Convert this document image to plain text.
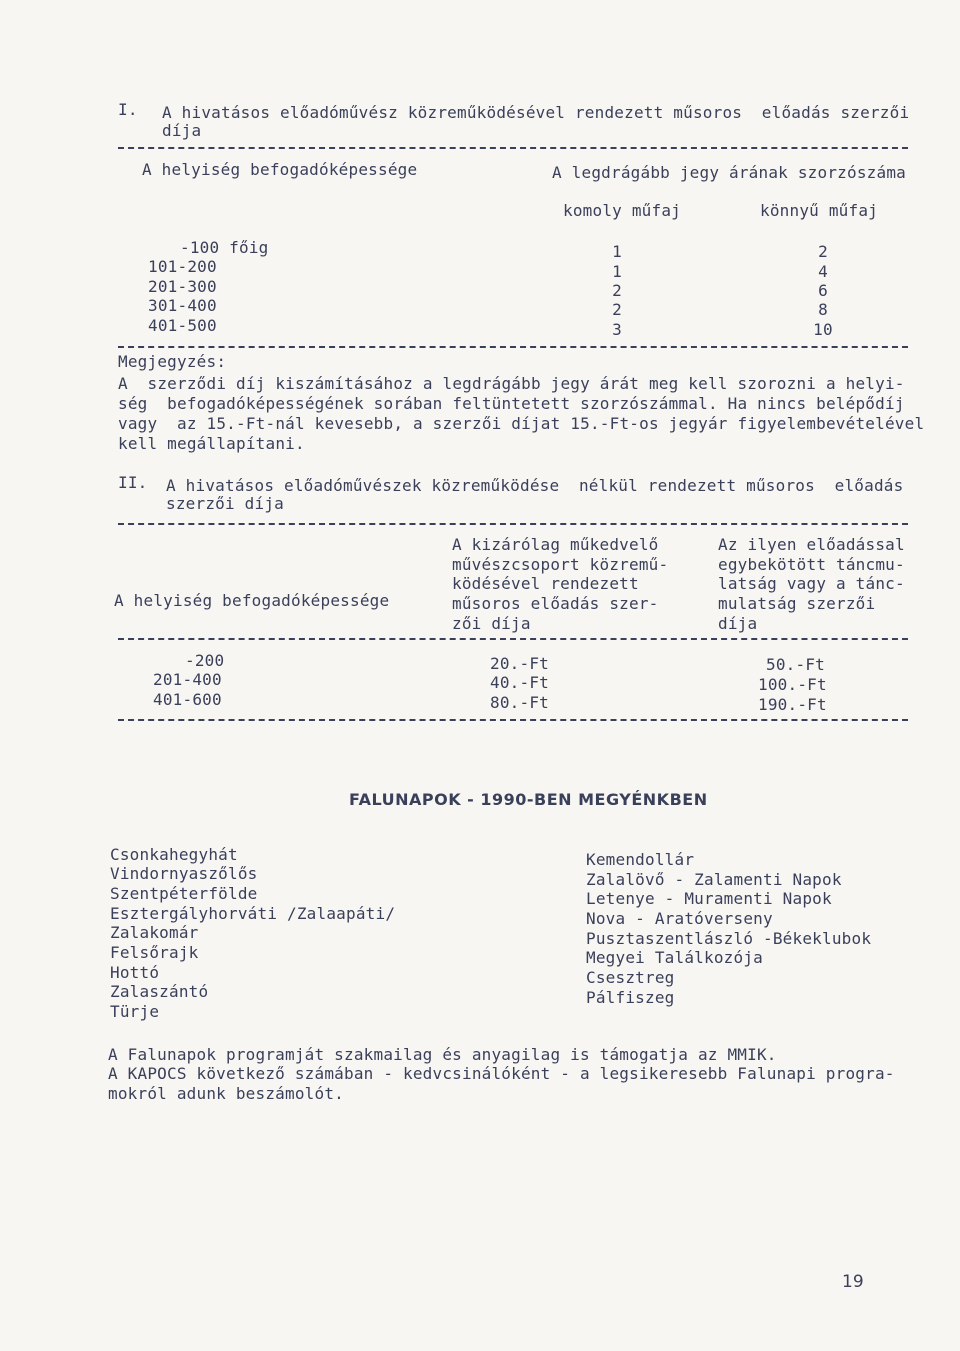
I. A hivatásos előadóművész közreműködésével rendezett műsoros  előadás szerzői
díja
A helyiség befogadóképessége	A legdrágább jegy árának szorzószáma
komoly műfaj	könnyű műfaj
-100 főig
101-200
201-300
301-400
401-500
1
1
2
2
3
2
4
6
8
10
Megjegyzés:
A  szerződi díj kiszámításához a legdrágább jegy árát meg kell szorozni a helyi-
ség  befogadóképességének sorában feltüntetett szorzószámmal. Ha nincs belépődíj
vagy  az 15.-Ft-nál kevesebb, a szerzői díjat 15.-Ft-os jegyár figyelembevételével
kell megállapítani.
II. A hivatásos előadóművészek közreműködése  nélkül rendezett műsoros  előadás
szerzői díja
A helyiség befogadóképessége
A kizárólag műkedvelő
művészcsoport közremű-
ködésével rendezett
műsoros előadás szer-
zői díja
Az ilyen előadással
egybekötött táncmu-
latság vagy a tánc-
mulatság szerzői
díja
-200
201-400
401-600
20.-Ft
40.-Ft
80.-Ft
50.-Ft
100.-Ft
190.-Ft
FALUNAPOK - 1990-BEN MEGYÉNKBEN
Csonkahegyhát
Vindornyaszőlős
Szentpéterfölde
Esztergályhorváti /Zalaapáti/
Zalakomár
Felsőrajk
Hottó
Zalaszántó
Türje
Kemendollár
Zalalövő - Zalamenti Napok
Letenye - Muramenti Napok
Nova - Aratóverseny
Pusztaszentlászló -Békeklubok
Megyei Találkozója
Csesztreg
Pálfiszeg
A Falunapok programját szakmailag és anyagilag is támogatja az MMIK.
A KAPOCS következő számában - kedvcsinálóként - a legsikeresebb Falunapi progra-
mokról adunk beszámolót.
19
